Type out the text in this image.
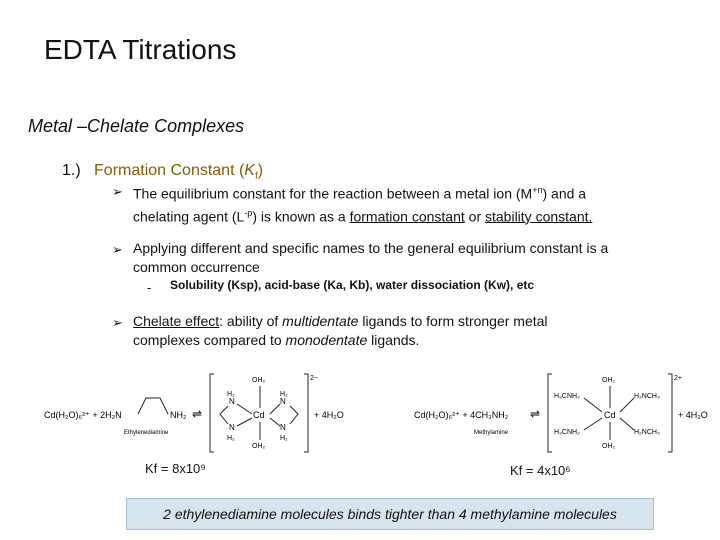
EDTA Titrations
Metal –Chelate Complexes
1.) Formation Constant $(K_f)$
➢ The equilibrium constant for the reaction between a metal ion $(M^{+n})$ and a
chelating agent $(L^{-p})$ is known as a formation constant or stability constant.
➢ Applying different and specific names to the general equilibrium constant is a
common occurrence
- Solubility (Ksp), acid-base (Ka, Kb), water dissociation (Kw), etc
➢ Chelate effect: ability of multidentate ligands to form stronger metal
complexes compared to monodentate ligands.
Cd(H₂O)₆²⁺ + 2H₂N	NH₂
Ethylenediamine
⇌
2−
Cd
OH₂
OH₂
H₂
N
N
H₂
H₂
N
N
H₂
+ 4H₂O	Cd(H₂O)₆²⁺ + 4CH₃NH₂
Methylamine
⇌
2+
Cd
OH₂
OH₂
H₃CNH₂
H₃CNH₂
H₂NCH₃
H₂NCH₃
+ 4H₂O
Kf = 8x10⁹	Kf = 4x10⁶
2 ethylenediamine molecules binds tighter than 4 methylamine molecules
